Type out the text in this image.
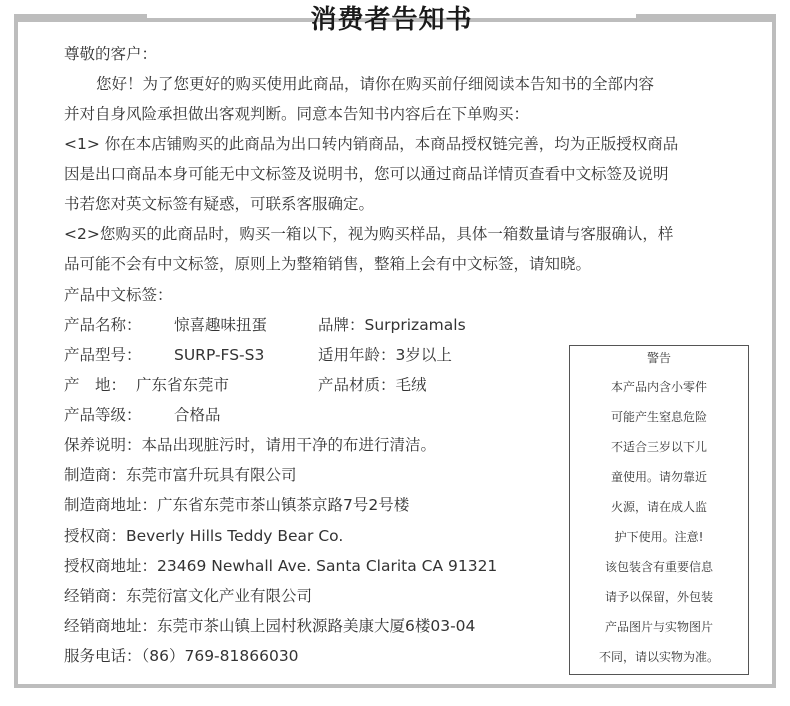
消费者告知书
尊敬的客户：
您好！为了您更好的购买使用此商品，请你在购买前仔细阅读本告知书的全部内容
并对自身风险承担做出客观判断。同意本告知书内容后在下单购买：
<1> 你在本店铺购买的此商品为出口转内销商品，本商品授权链完善，均为正版授权商品
因是出口商品本身可能无中文标签及说明书，您可以通过商品详情页查看中文标签及说明
书若您对英文标签有疑惑，可联系客服确定。
<2>您购买的此商品时，购买一箱以下，视为购买样品，具体一箱数量请与客服确认，样
品可能不会有中文标签，原则上为整箱销售，整箱上会有中文标签，请知晓。
产品中文标签：
产品名称： 惊喜趣味扭蛋	品牌：Surprizamals
产品型号： SURP-FS-S3	适用年龄：3岁以上
产　地： 广东省东莞市	产品材质：毛绒
产品等级： 合格品
保养说明：本品出现脏污时，请用干净的布进行清洁。
制造商：东莞市富升玩具有限公司
制造商地址：广东省东莞市茶山镇茶京路7号2号楼
授权商：Beverly Hills Teddy Bear Co.
授权商地址：23469 Newhall Ave. Santa Clarita CA 91321
经销商：东莞衍富文化产业有限公司
经销商地址：东莞市茶山镇上园村秋源路美康大厦6楼03-04
服务电话：（86）769-81866030
警告
本产品内含小零件
可能产生窒息危险
不适合三岁以下儿
童使用。请勿靠近
火源，请在成人监
护下使用。注意!
该包装含有重要信息
请予以保留，外包装
产品图片与实物图片
不同，请以实物为准。
